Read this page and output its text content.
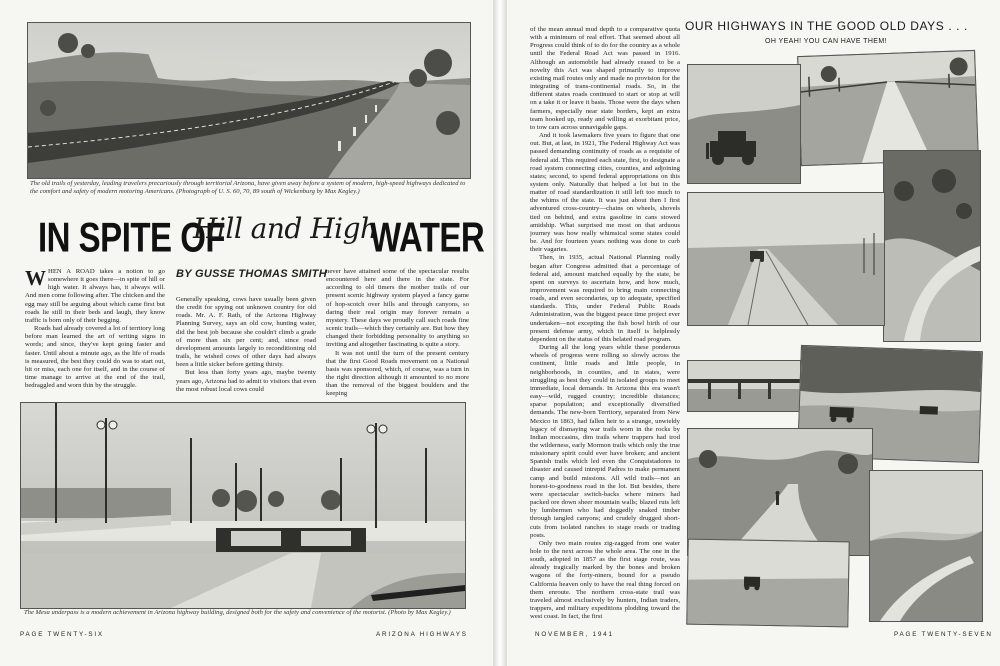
The old trails of yesterday, leading travelers precariously through territorial Arizona, have given away before a system of modern, high-speed highways dedicated to the comfort and safety of modern motoring Americans. (Photograph of U. S. 60, 70, 89 south of Wickenburg by Max Kegley.)
IN SPITE OF
Hill and High
WATER

WHEN A ROAD takes a notion to go somewhere it goes there—in spite of hill or high water. It always has, it always will. And men come following after. The chicken and the egg may still be arguing about which came first but roads lie still in their beds and laugh, they know traffic is born only of their begging.

Roads had already covered a lot of territory long before man learned the art of writing signs in words; and since, they've kept going faster and faster. Until about a minute ago, as the life of roads is measured, the best they could do was to start out, hit or miss, each one for itself, and in the course of time manage to arrive at the end of the trail, bedraggled and worn thin by the struggle.

BY GUSSE THOMAS SMITH

Generally speaking, cows have usually been given the credit for spying out unknown country for old roads. Mr. A. F. Rath, of the Arizona Highway Planning Survey, says an old cow, hunting water, did the best job because she couldn't climb a grade of more than six per cent; and, since road development amounts largely to reconditioning old trails, he wished cows of other days had always been a little sicker before getting thirsty.

But less than forty years ago, maybe twenty years ago, Arizona had to admit to visitors that even the most robust local cows could

never have attained some of the spectacular results encountered here and there in the state. For according to old timers the mother trails of our present scenic highway system played a fancy game of hop-scotch over hills and through canyons, so daring their real origin may forever remain a mystery. These days we proudly call such roads fine scenic trails—which they certainly are. But how they changed their forbidding personality to anything so inviting and altogether fascinating is quite a story.

It was not until the turn of the present century that the first Good Roads movement on a National basis was sponsored, which, of course, was a turn in the right direction although it amounted to no more than the removal of the biggest boulders and the keeping

The Mesa underpass is a modern achievement in Arizona highway building, designed both for the safety and convenience of the motorist. (Photo by Max Kegley.)
PAGE TWENTY-SIX	ARIZONA HIGHWAYS

of the mean annual mud depth to a comparative quota with a minimum of real effort. That seemed about all Progress could think of to do for the country as a whole until the Federal Road Act was passed in 1916. Although an automobile had already ceased to be a novelty this Act was shaped primarily to improve existing mail routes only and made no provision for the integrating of trans-continental roads. So, in the different states roads continued to start or stop at will on a take it or leave it basis. Those were the days when farmers, especially near state borders, kept an extra team hooked up, ready and willing at exorbitant price, to tow cars across unnavigable gaps.

And it took lawmakers five years to figure that one out. But, at last, in 1921, The Federal Highway Act was passed demanding continuity of roads as a requisite of federal aid. This required each state, first, to designate a road system connecting cities, counties, and adjoining states; second, to spend federal appropriations on this system only. Naturally that helped a lot but in the matter of road standardization it still left too much to the whims of the state. It was just about then I first adventured cross-country—chains on wheels, shovels tied on behind, and extra gasoline in cans stowed amidship. What surprised me most on that arduous journey was how really whimsical some states could be. And for fourteen years nothing was done to curb their vagaries.

Then, in 1935, actual National Planning really began after Congress admitted that a percentage of federal aid, amount matched equally by the state, be spent on surveys to ascertain how, and how much, improvement was required to bring main connecting roads, and even secondaries, up to adequate, specified standards. This, under Federal Public Roads Administration, was the biggest peace time project ever undertaken—not excepting the fish bowl birth of our present defense army, which in itself is helplessly dependent on the status of this belated road program.

During all the long years while these ponderous wheels of progress were rolling so slowly across the continent, little roads and little people, in neighborhoods, in counties, and in states, were struggling as best they could in isolated groups to meet immediate, local demands. In Arizona this era wasn't easy—wild, rugged country; incredible distances; sparse population; and exceptionally diversified demands. The new-born Territory, separated from New Mexico in 1863, had fallen heir to a strange, unwieldy legacy of dismaying war trails worn in the rocks by Indian moccasins, dim trails where trappers had trod the wilderness, early Mormon trails which only the true missionary spirit could ever have broken; and ancient Spanish trails which led even the Conquistadores to disaster and caused intrepid Padres to make permanent camp and build missions. All wild trails—not an honest-to-goodness road in the lot. But besides, there were spectacular switch-backs where miners had packed ore down sheer mountain walls; blazed ruts left by lumbermen who had doggedly snaked timber through tangled canyons; and crudely drugged short-cuts from isolated ranches to stage roads or trading posts.

Only two main routes zig-zagged from one water hole to the next across the whole area. The one in the south, adopted in 1857 as the first stage route, was already tragically marked by the bones and broken wagons of the forty-niners, bound for a pseudo California heaven only to have the real thing forced on them enroute. The northern cross-state trail was traveled almost exclusively by hunters, Indian traders, trappers, and military expeditions plodding toward the west coast. In fact, the first

OUR HIGHWAYS IN THE GOOD OLD DAYS . . .
OH YEAH! YOU CAN HAVE THEM!
NOVEMBER, 1941	PAGE TWENTY-SEVEN
